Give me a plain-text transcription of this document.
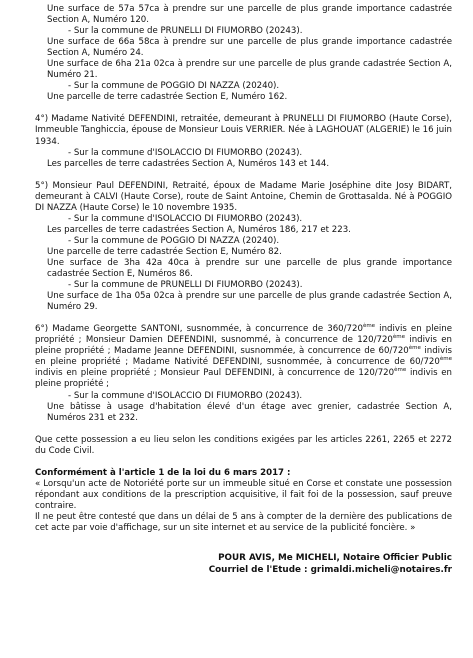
Une surface de 57a 57ca à prendre sur une parcelle de plus grande importance cadastrée Section A, Numéro 120.

- Sur la commune de PRUNELLI DI FIUMORBO (20243).

Une surface de 66a 58ca à prendre sur une parcelle de plus grande importance cadastrée Section A, Numéro 24.

Une surface de 6ha 21a 02ca à prendre sur une parcelle de plus grande cadastrée Section A, Numéro 21.

- Sur la commune de POGGIO DI NAZZA (20240).

Une parcelle de terre cadastrée Section E, Numéro 162.

4°) Madame Nativité DEFENDINI, retraitée, demeurant à PRUNELLI DI FIUMORBO (Haute Corse), Immeuble Tanghiccia, épouse de Monsieur Louis VERRIER. Née à LAGHOUAT (ALGERIE) le 16 juin 1934.

- Sur la commune d'ISOLACCIO DI FIUMORBO (20243).

Les parcelles de terre cadastrées Section A, Numéros 143 et 144.

5°) Monsieur Paul DEFENDINI, Retraité, époux de Madame Marie Joséphine dite Josy BIDART, demeurant à CALVI (Haute Corse), route de Saint Antoine, Chemin de Grottasalda. Né à POGGIO DI NAZZA (Haute Corse) le 10 novembre 1935.

- Sur la commune d'ISOLACCIO DI FIUMORBO (20243).

Les parcelles de terre cadastrées Section A, Numéros 186, 217 et 223.

- Sur la commune de POGGIO DI NAZZA (20240).

Une parcelle de terre cadastrée Section E, Numéro 82.

Une surface de 3ha 42a 40ca à prendre sur une parcelle de plus grande importance cadastrée Section E, Numéros 86.

- Sur la commune de PRUNELLI DI FIUMORBO (20243).

Une surface de 1ha 05a 02ca à prendre sur une parcelle de plus grande cadastrée Section A, Numéro 29.

6°) Madame Georgette SANTONI, susnommée, à concurrence de 360/720ème indivis en pleine propriété ; Monsieur Damien DEFENDINI, susnommé, à concurrence de 120/720ème indivis en pleine propriété ; Madame Jeanne DEFENDINI, susnommée, à concurrence de 60/720ème indivis en pleine propriété ; Madame Nativité DEFENDINI, susnommée, à concurrence de 60/720ème indivis en pleine propriété ; Monsieur Paul DEFENDINI, à concurrence de 120/720ème indivis en pleine propriété ;

- Sur la commune d'ISOLACCIO DI FIUMORBO (20243).

Une bâtisse à usage d'habitation élevé d'un étage avec grenier, cadastrée Section A, Numéros 231 et 232.

Que cette possession a eu lieu selon les conditions exigées par les articles 2261, 2265 et 2272 du Code Civil.

Conformément à l'article 1 de la loi du 6 mars 2017 :

« Lorsqu'un acte de Notoriété porte sur un immeuble situé en Corse et constate une possession répondant aux conditions de la prescription acquisitive, il fait foi de la possession, sauf preuve contraire.

Il ne peut être contesté que dans un délai de 5 ans à compter de la dernière des publications de cet acte par voie d'affichage, sur un site internet et au service de la publicité foncière. »

POUR AVIS, Me MICHELI, Notaire Officier Public

Courriel de l'Etude : grimaldi.micheli@notaires.fr
